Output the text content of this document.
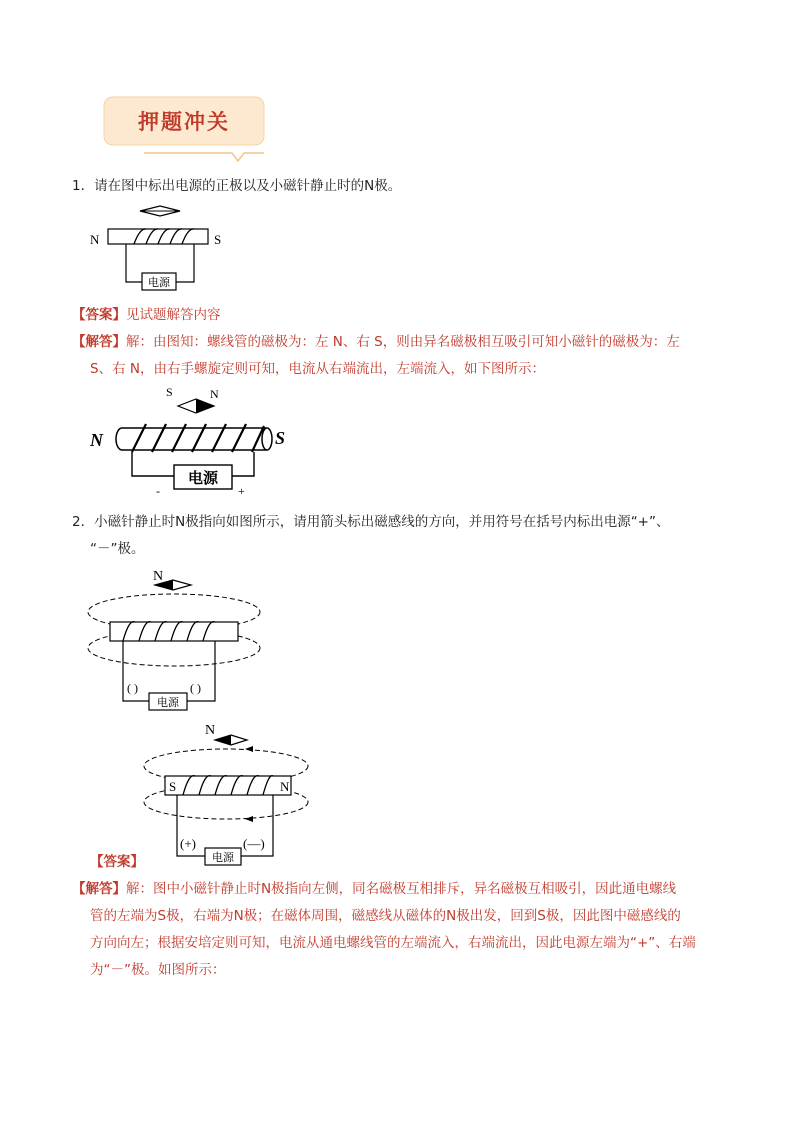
押题冲关
1．请在图中标出电源的正极以及小磁针静止时的N极。
电源
N	S
【答案】见试题解答内容
【解答】解：由图知：螺线管的磁极为：左 N、右 S，则由异名磁极相互吸引可知小磁针的磁极为：左
S、右 N，由右手螺旋定则可知，电流从右端流出，左端流入，如下图所示：
S	N
电源
N	S
-	+
2．小磁针静止时N极指向如图所示，请用箭头标出磁感线的方向，并用符号在括号内标出电源“+”、
“－”极。
N
电源
( )	( )
N
S	N
电源
(+)	(—)
【答案】
【解答】解：图中小磁针静止时N极指向左侧，同名磁极互相排斥，异名磁极互相吸引，因此通电螺线
管的左端为S极，右端为N极；在磁体周围，磁感线从磁体的N极出发，回到S极，因此图中磁感线的
方向向左；根据安培定则可知，电流从通电螺线管的左端流入，右端流出，因此电源左端为“+”、右端
为“－”极。如图所示：
